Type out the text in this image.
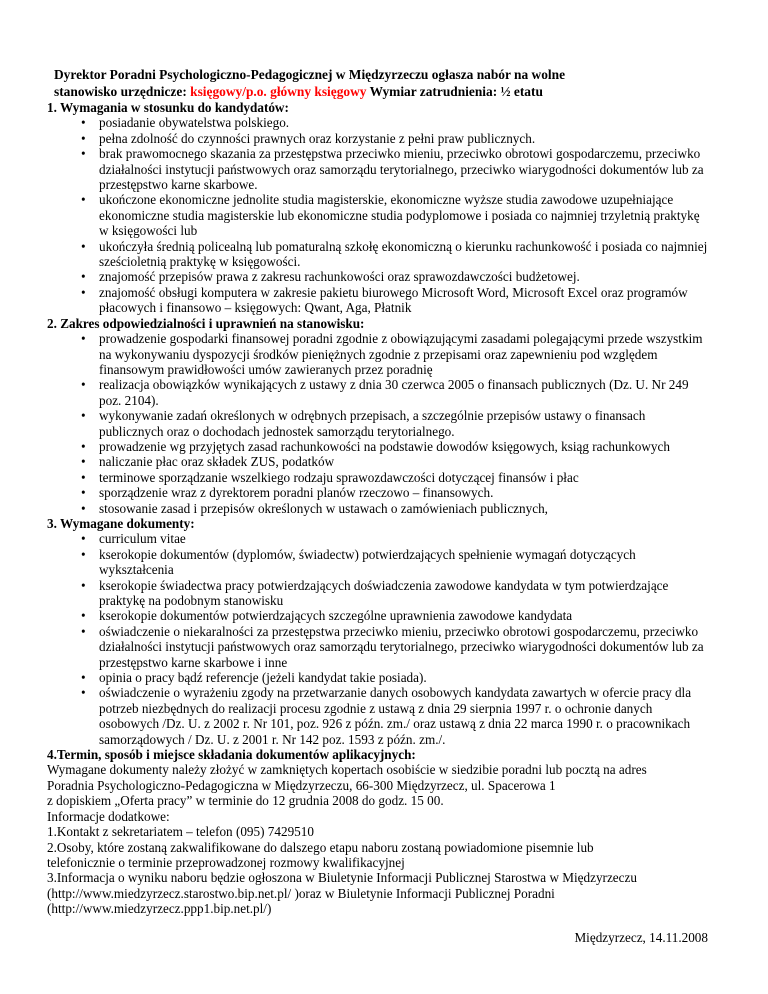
Dyrektor Poradni Psychologiczno-Pedagogicznej w Międzyrzeczu ogłasza nabór na wolne
stanowisko urzędnicze: księgowy/p.o. główny księgowy Wymiar zatrudnienia: ½ etatu
1. Wymagania w stosunku do kandydatów:
• posiadanie obywatelstwa polskiego.
• pełna zdolność do czynności prawnych oraz korzystanie z pełni praw publicznych.
• brak prawomocnego skazania za przestępstwa przeciwko mieniu, przeciwko obrotowi gospodarczemu, przeciwko działalności instytucji państwowych oraz samorządu terytorialnego, przeciwko wiarygodności dokumentów lub za przestępstwo karne skarbowe.
• ukończone ekonomiczne jednolite studia magisterskie, ekonomiczne wyższe studia zawodowe uzupełniające ekonomiczne studia magisterskie lub ekonomiczne studia podyplomowe i posiada co najmniej trzyletnią praktykę w księgowości lub
• ukończyła średnią policealną lub pomaturalną szkołę ekonomiczną o kierunku rachunkowość i posiada co najmniej sześcioletnią praktykę w księgowości.
• znajomość przepisów prawa z zakresu rachunkowości oraz sprawozdawczości budżetowej.
• znajomość obsługi komputera w zakresie pakietu biurowego Microsoft Word, Microsoft Excel oraz programów płacowych i finansowo – księgowych: Qwant, Aga, Płatnik
2. Zakres odpowiedzialności i uprawnień na stanowisku:
• prowadzenie gospodarki finansowej poradni zgodnie z obowiązującymi zasadami polegającymi przede wszystkim na wykonywaniu dyspozycji środków pieniężnych zgodnie z przepisami oraz zapewnieniu pod względem finansowym prawidłowości umów zawieranych przez poradnię
• realizacja obowiązków wynikających z ustawy z dnia 30 czerwca 2005 o finansach publicznych (Dz. U. Nr 249 poz. 2104).
• wykonywanie zadań określonych w odrębnych przepisach, a szczególnie przepisów ustawy o finansach publicznych oraz o dochodach jednostek samorządu terytorialnego.
• prowadzenie wg przyjętych zasad rachunkowości na podstawie dowodów księgowych, ksiąg rachunkowych
• naliczanie płac oraz składek ZUS, podatków
• terminowe sporządzanie wszelkiego rodzaju sprawozdawczości dotyczącej finansów i płac
• sporządzenie wraz z dyrektorem poradni planów rzeczowo – finansowych.
• stosowanie zasad i przepisów określonych w ustawach o zamówieniach publicznych,
3. Wymagane dokumenty:
• curriculum vitae
• kserokopie dokumentów (dyplomów, świadectw) potwierdzających spełnienie wymagań dotyczących wykształcenia
• kserokopie świadectwa pracy potwierdzających doświadczenia zawodowe kandydata w tym potwierdzające praktykę na podobnym stanowisku
• kserokopie dokumentów potwierdzających szczególne uprawnienia zawodowe kandydata
• oświadczenie o niekaralności za przestępstwa przeciwko mieniu, przeciwko obrotowi gospodarczemu, przeciwko działalności instytucji państwowych oraz samorządu terytorialnego, przeciwko wiarygodności dokumentów lub za przestępstwo karne skarbowe i inne
• opinia o pracy bądź referencje (jeżeli kandydat takie posiada).
• oświadczenie o wyrażeniu zgody na przetwarzanie danych osobowych kandydata zawartych w ofercie pracy dla potrzeb niezbędnych do realizacji procesu zgodnie z ustawą z dnia 29 sierpnia 1997 r. o ochronie danych osobowych /Dz. U. z 2002 r. Nr 101, poz. 926 z późn. zm./ oraz ustawą z dnia 22 marca 1990 r. o pracownikach samorządowych / Dz. U. z 2001 r. Nr 142 poz. 1593 z późn. zm./.
4.Termin, sposób i miejsce składania dokumentów aplikacyjnych:

Wymagane dokumenty należy złożyć w zamkniętych kopertach osobiście w siedzibie poradni lub pocztą na adres

Poradnia Psychologiczno-Pedagogiczna w Międzyrzeczu, 66-300 Międzyrzecz, ul. Spacerowa 1

z dopiskiem „Oferta pracy” w terminie do 12 grudnia 2008 do godz. 15 00.

Informacje dodatkowe:

1.Kontakt z sekretariatem – telefon (095) 7429510

2.Osoby, które zostaną zakwalifikowane do dalszego etapu naboru zostaną powiadomione pisemnie lub

telefonicznie o terminie przeprowadzonej rozmowy kwalifikacyjnej

3.Informacja o wyniku naboru będzie ogłoszona w Biuletynie Informacji Publicznej Starostwa w Międzyrzeczu

(http://www.miedzyrzecz.starostwo.bip.net.pl/ )oraz w Biuletynie Informacji Publicznej Poradni

(http://www.miedzyrzecz.ppp1.bip.net.pl/)

Międzyrzecz, 14.11.2008
